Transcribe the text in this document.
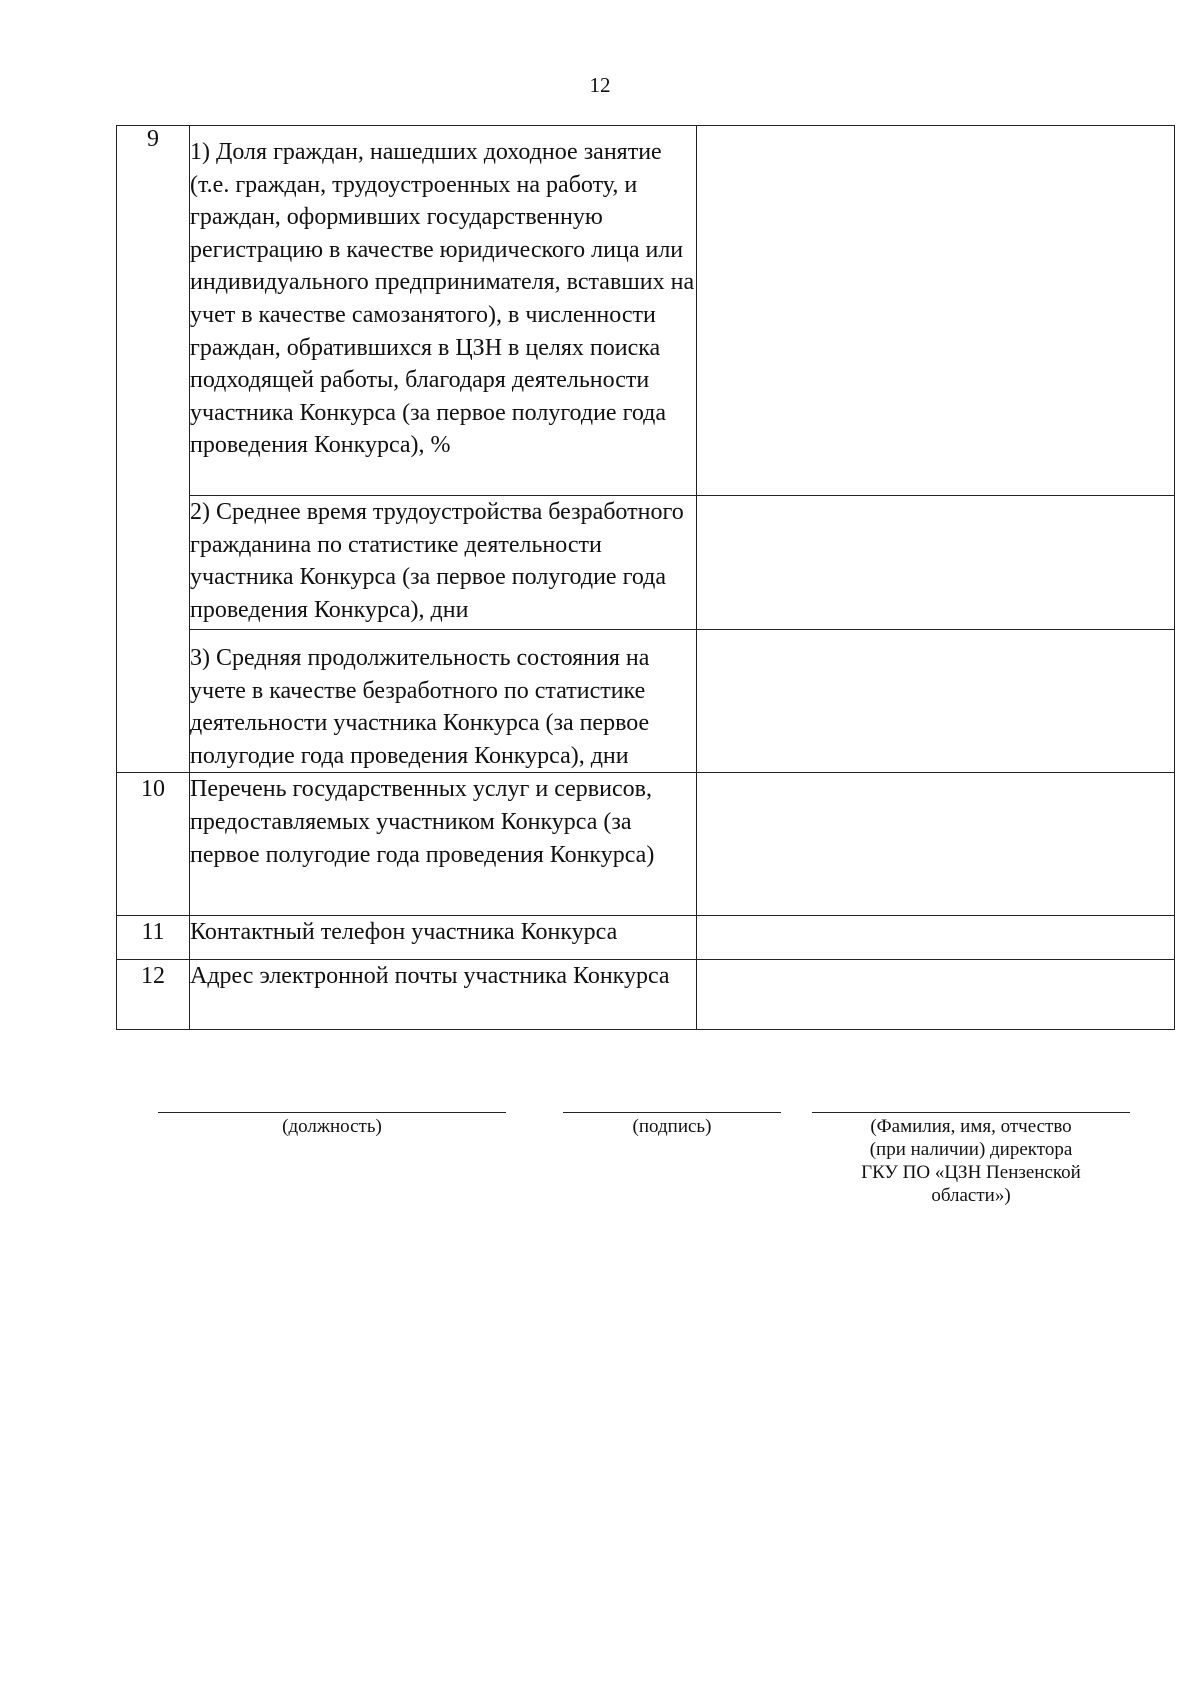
12
9	1) Доля граждан, нашедших доходное занятие (т.е. граждан, трудоустроенных на работу, и граждан, оформивших государственную регистрацию в качестве юридического лица или индивидуального предпринимателя, вставших на учет в качестве самозанятого), в численности граждан, обратившихся в ЦЗН в целях поиска подходящей работы, благодаря деятельности участника Конкурса (за первое полугодие года проведения Конкурса), %	
	2) Среднее время трудоустройства безработного гражданина по статистике деятельности участника Конкурса (за первое полугодие года проведения Конкурса), дни	
	3) Средняя продолжительность состояния на учете в качестве безработного по статистике деятельности участника Конкурса (за первое полугодие года проведения Конкурса), дни	
10	Перечень государственных услуг и сервисов, предоставляемых участником Конкурса (за первое полугодие года проведения Конкурса)	
11	Контактный телефон участника Конкурса	
12	Адрес электронной почты участника Конкурса	
(должность)	(подпись)	(Фамилия, имя, отчество
(при наличии) директора
ГКУ ПО «ЦЗН Пензенской
области»)
